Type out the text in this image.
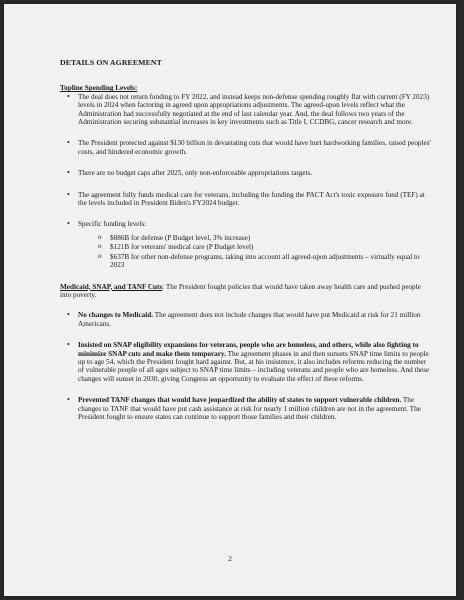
DETAILS ON AGREEMENT
Topline Spending Levels:
• The deal does not return funding to FY 2022, and instead keeps non-defense spending roughly flat with current (FY 2023) levels in 2024 when factoring in agreed upon appropriations adjustments. The agreed-upon levels reflect what the Administration had successfully negotiated at the end of last calendar year. And, the deal follows two years of the Administration securing substantial increases in key investments such as Title I, CCDBG, cancer research and more.
• The President protected against $130 billion in devastating cuts that would have hurt hardworking families, raised peoples' costs, and hindered economic growth.
• There are no budget caps after 2025, only non-enforceable appropriations targets.
• The agreement fully funds medical care for veterans, including the funding the PACT Act's toxic exposure fund (TEF) at the levels included in President Biden's FY2024 budget.
• Specific funding levels:
o $886B for defense (P Budget level, 3% increase)
o $121B for veterans' medical care (P Budget level)
o $637B for other non-defense programs, taking into account all agreed-upon adjustments – virtually equal to 2023

Medicaid, SNAP, and TANF Cuts: The President fought policies that would have taken away health care and pushed people into poverty.

• No changes to Medicaid. The agreement does not include changes that would have put Medicaid at risk for 21 million Americans.
• Insisted on SNAP eligibility expansions for veterans, people who are homeless, and others, while also fighting to minimize SNAP cuts and make them temporary. The agreement phases in and then sunsets SNAP time limits to people up to age 54, which the President fought hard against. But, at his insistence, it also includes reforms reducing the number of vulnerable people of all ages subject to SNAP time limits – including veterans and people who are homeless. And these changes will sunset in 2030, giving Congress an opportunity to evaluate the effect of these reforms.
• Prevented TANF changes that would have jeopardized the ability of states to support vulnerable children. The changes to TANF that would have put cash assistance at risk for nearly 1 million children are not in the agreement. The President fought to ensure states can continue to support those families and their children.
2
